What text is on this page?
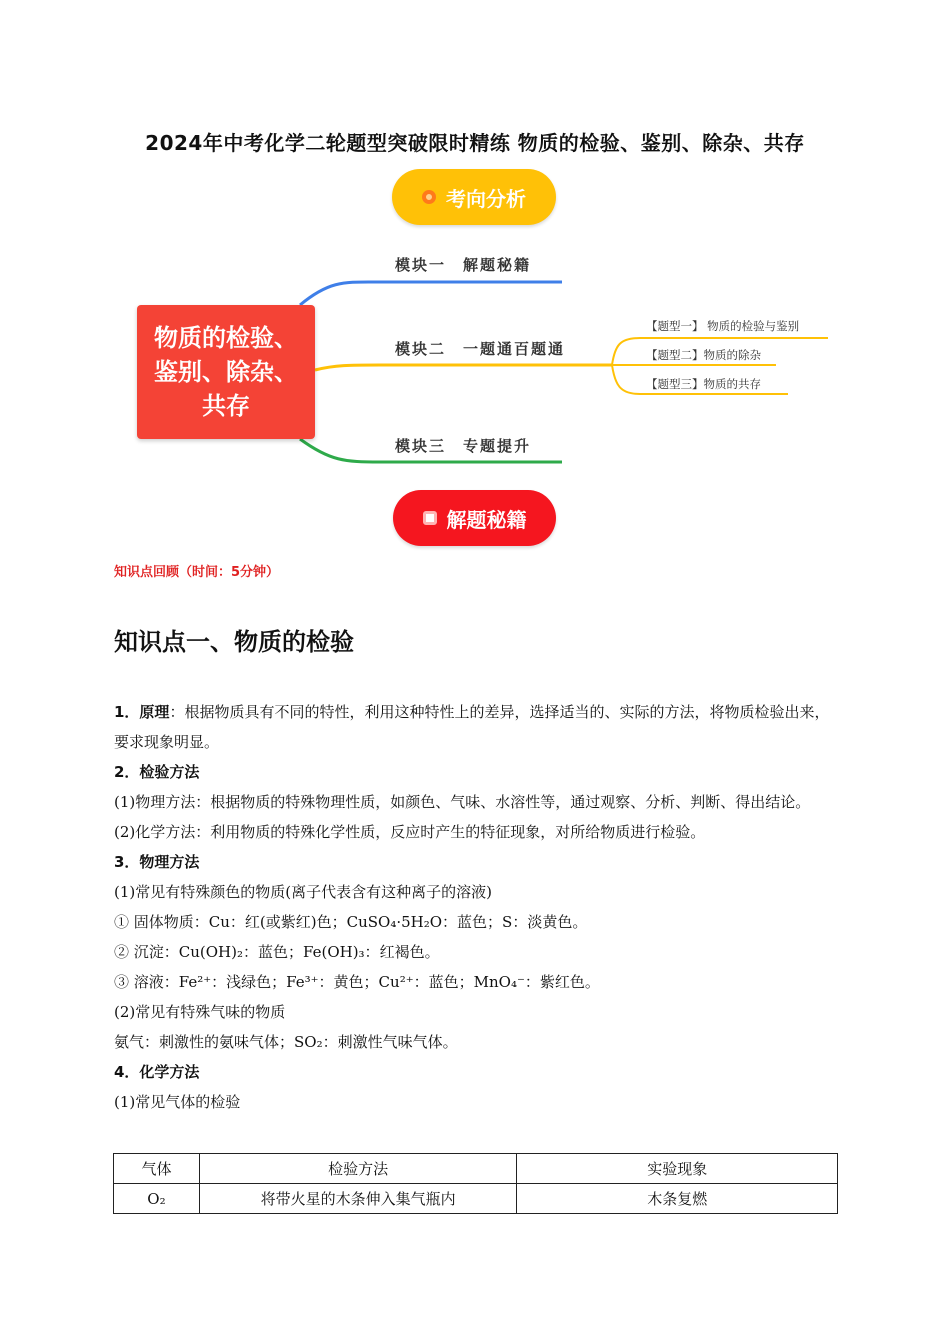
2024年中考化学二轮题型突破限时精练 物质的检验、鉴别、除杂、共存
考向分析
物质的检验、鉴别、除杂、共存
模块一　解题秘籍
模块二　一题通百题通
模块三　专题提升
【题型一】 物质的检验与鉴别
【题型二】物质的除杂
【题型三】物质的共存
解题秘籍
知识点回顾（时间：5分钟）
知识点一、物质的检验

1．原理：根据物质具有不同的特性，利用这种特性上的差异，选择适当的、实际的方法，将物质检验出来，要求现象明显。

2．检验方法

(1)物理方法：根据物质的特殊物理性质，如颜色、气味、水溶性等，通过观察、分析、判断、得出结论。

(2)化学方法：利用物质的特殊化学性质，反应时产生的特征现象，对所给物质进行检验。

3．物理方法

(1)常见有特殊颜色的物质(离子代表含有这种离子的溶液)

① 固体物质：Cu：红(或紫红)色；CuSO₄·5H₂O：蓝色；S：淡黄色。

② 沉淀：Cu(OH)₂：蓝色；Fe(OH)₃：红褐色。

③ 溶液：Fe²⁺：浅绿色；Fe³⁺：黄色；Cu²⁺：蓝色；MnO₄⁻：紫红色。

(2)常见有特殊气味的物质

氨气：刺激性的氨味气体；SO₂：刺激性气味气体。

4．化学方法

(1)常见气体的检验

气体	检验方法	实验现象
O₂	将带火星的木条伸入集气瓶内	木条复燃
